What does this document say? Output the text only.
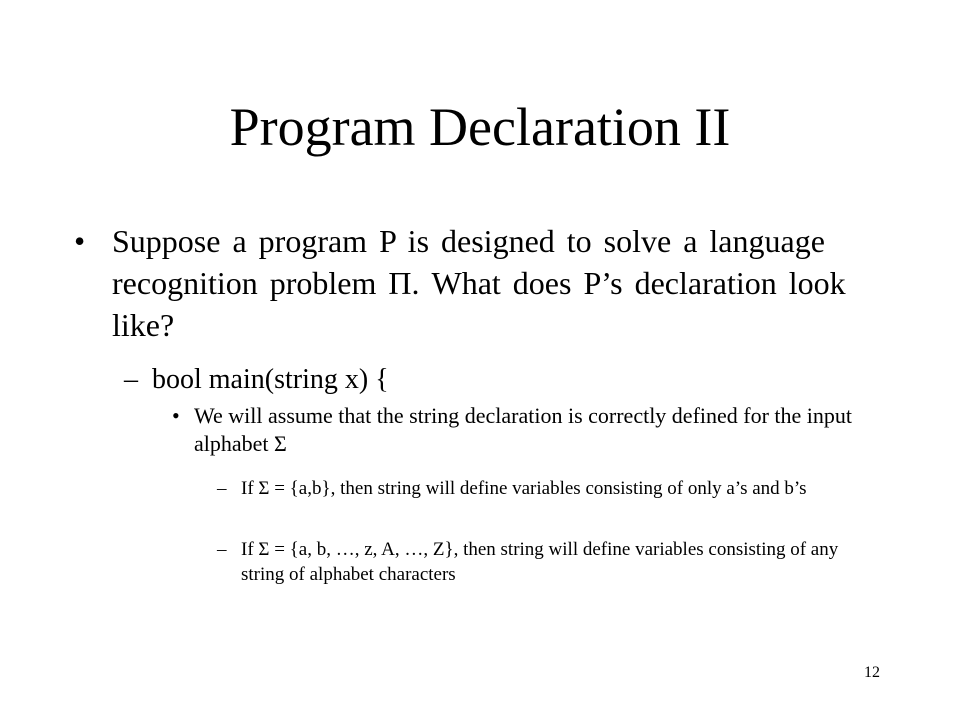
Program Declaration II
• Suppose a program P is designed to solve a language recognition problem Π. What does P’s declaration look like?

– bool main(string x) {

• We will assume that the string declaration is correctly defined for the input alphabet Σ

– If Σ = {a,b}, then string will define variables consisting of only a’s and b’s

– If Σ = {a, b, …, z, A, …, Z}, then string will define variables consisting of any string of alphabet characters

12
